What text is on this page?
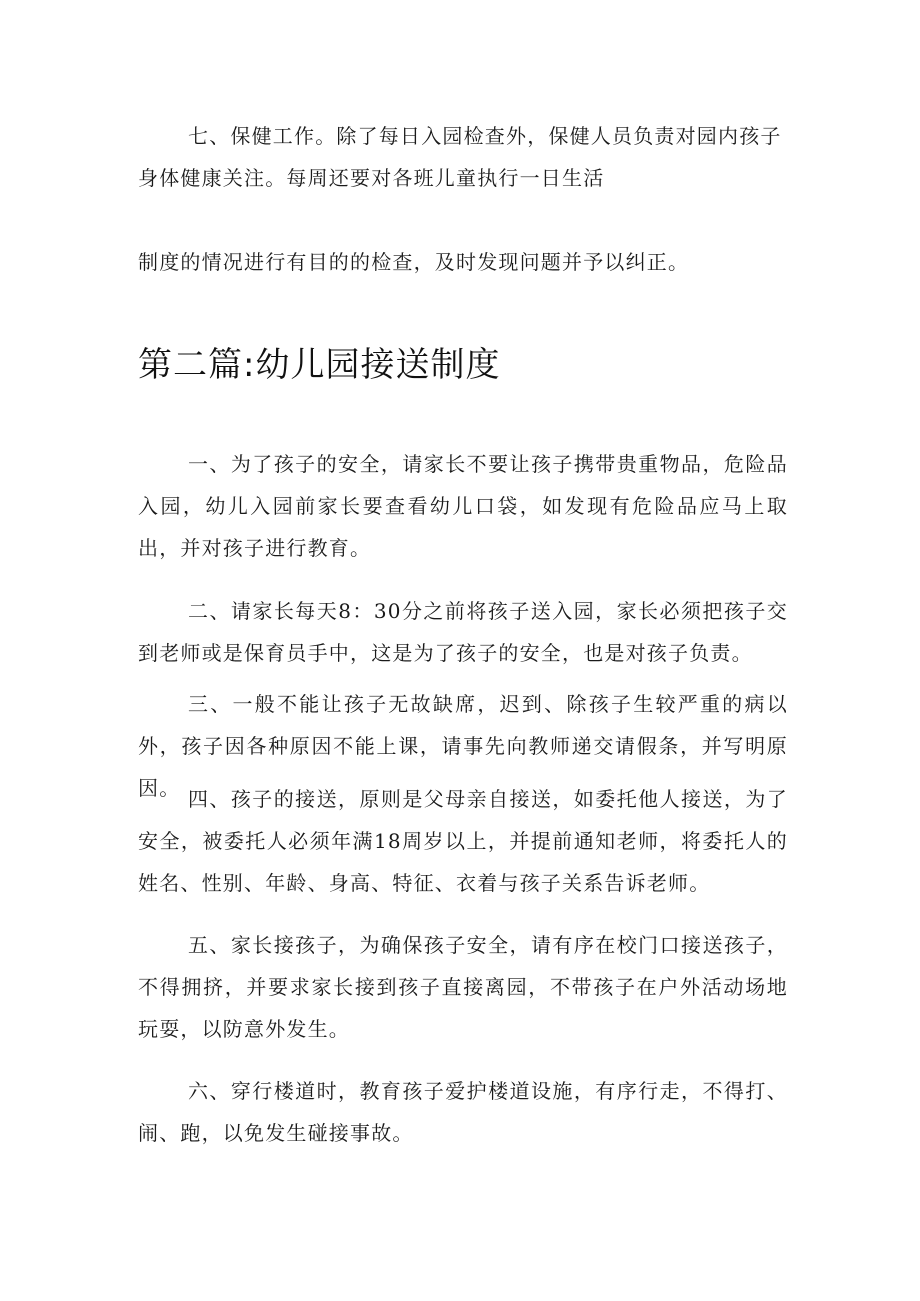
七、保健工作。除了每日入园检查外，保健人员负责对园内孩子
身体健康关注。每周还要对各班儿童执行一日生活

制度的情况进行有目的的检查，及时发现问题并予以纠正。

第二篇:幼儿园接送制度

一、为了孩子的安全，请家长不要让孩子携带贵重物品，危险品入园，幼儿入园前家长要查看幼儿口袋，如发现有危险品应马上取出，并对孩子进行教育。

二、请家长每天8：30分之前将孩子送入园，家长必须把孩子交到老师或是保育员手中，这是为了孩子的安全，也是对孩子负责。

三、一般不能让孩子无故缺席，迟到、除孩子生较严重的病以外，孩子因各种原因不能上课，请事先向教师递交请假条，并写明原因。 四、孩子的接送，原则是父母亲自接送，如委托他人接送，为了安全，被委托人必须年满18周岁以上，并提前通知老师，将委托人的姓名、性别、年龄、身高、特征、衣着与孩子关系告诉老师。

五、家长接孩子，为确保孩子安全，请有序在校门口接送孩子，不得拥挤，并要求家长接到孩子直接离园，不带孩子在户外活动场地玩耍，以防意外发生。

六、穿行楼道时，教育孩子爱护楼道设施，有序行走，不得打、闹、跑，以免发生碰接事故。
